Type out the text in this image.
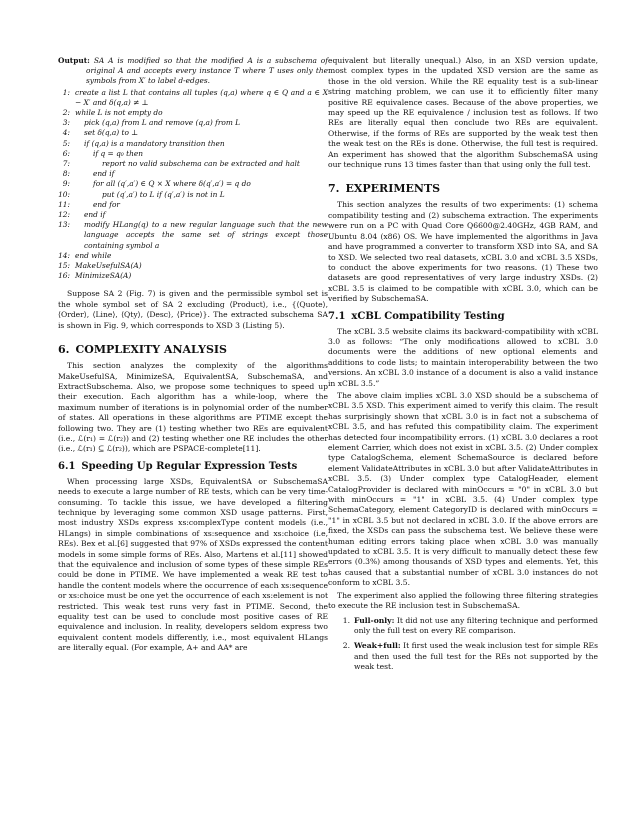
Output: SA A is modified so that the modified A is a subschema of original A and accepts every instance T where T uses only the symbols from X′ to label d-edges.
1: create a list L that contains all tuples (q,a) where q ∈ Q and a ∈ X − X′ and δ(q,a) ≠ ⊥
2: while L is not empty do
3:	pick (q,a) from L and remove (q,a) from L
4:	set δ(q,a) to ⊥
5:	if (q,a) is a mandatory transition then
6:	if q = q₀ then
7:	report no valid subschema can be extracted and halt
8:	end if
9:	for all (q′,a′) ∈ Q × X where δ(q′,a′) = q do
10:	put (q′,a′) to L if (q′,a′) is not in L
11:	end for
12:	end if
13:	modify HLang(q) to a new regular language such that the new language accepts the same set of strings except those containing symbol a
14: end while
15: MakeUsefulSA(A)
16: MinimizeSA(A)

Suppose SA 2 (Fig. 7) is given and the permissible symbol set is the whole symbol set of SA 2 excluding ⟨Product⟩, i.e., {⟨Quote⟩, ⟨Order⟩, ⟨Line⟩, ⟨Qty⟩, ⟨Desc⟩, ⟨Price⟩}. The extracted subschema SA is shown in Fig. 9, which corresponds to XSD 3 (Listing 5).

6. COMPLEXITY ANALYSIS

This section analyzes the complexity of the algorithms MakeUsefulSA, MinimizeSA, EquivalentSA, SubschemaSA, and ExtractSubschema. Also, we propose some techniques to speed up their execution. Each algorithm has a while-loop, where the maximum number of iterations is in polynomial order of the number of states. All operations in these algorithms are PTIME except the following two. They are (1) testing whether two REs are equivalent (i.e., ℒ(r₁) = ℒ(r₂)) and (2) testing whether one RE includes the other (i.e., ℒ(r₁) ⊆ ℒ(r₂)), which are PSPACE-complete[11].

6.1 Speeding Up Regular Expression Tests

When processing large XSDs, EquivalentSA or SubschemaSA needs to execute a large number of RE tests, which can be very time-consuming. To tackle this issue, we have developed a filtering technique by leveraging some common XSD usage patterns. First, most industry XSDs express xs:complexType content models (i.e., HLangs) in simple combinations of xs:sequence and xs:choice (i.e, REs). Bex et al.[6] suggested that 97% of XSDs expressed the content models in some simple forms of REs. Also, Martens et al.[11] showed that the equivalence and inclusion of some types of these simple REs could be done in PTIME. We have implemented a weak RE test to handle the content models where the occurrence of each xs:sequence or xs:choice must be one yet the occurrence of each xs:element is not restricted. This weak test runs very fast in PTIME. Second, the equality test can be used to conclude most positive cases of RE equivalence and inclusion. In reality, developers seldom express two equivalent content models differently, i.e., most equivalent HLangs are literally equal. (For example, A+ and AA* are

equivalent but literally unequal.) Also, in an XSD version update, most complex types in the updated XSD version are the same as those in the old version. While the RE equality test is a sub-linear string matching problem, we can use it to efficiently filter many positive RE equivalence cases. Because of the above properties, we may speed up the RE equivalence / inclusion test as follows. If two REs are literally equal then conclude two REs are equivalent. Otherwise, if the forms of REs are supported by the weak test then the weak test on the REs is done. Otherwise, the full test is required. An experiment has showed that the algorithm SubschemaSA using our technique runs 13 times faster than that using only the full test.

7. EXPERIMENTS

This section analyzes the results of two experiments: (1) schema compatibility testing and (2) subschema extraction. The experiments were run on a PC with Quad Core Q6600@2.40GHz, 4GB RAM, and Ubuntu 8.04 (x86) OS. We have implemented the algorithms in Java and have programmed a converter to transform XSD into SA, and SA to XSD. We selected two real datasets, xCBL 3.0 and xCBL 3.5 XSDs, to conduct the above experiments for two reasons. (1) These two datasets are good representatives of very large industry XSDs. (2) xCBL 3.5 is claimed to be compatible with xCBL 3.0, which can be verified by SubschemaSA.

7.1 xCBL Compatibility Testing

The xCBL 3.5 website claims its backward-compatibility with xCBL 3.0 as follows: “The only modifications allowed to xCBL 3.0 documents were the additions of new optional elements and additions to code lists; to maintain interoperability between the two versions. An xCBL 3.0 instance of a document is also a valid instance in xCBL 3.5.”

The above claim implies xCBL 3.0 XSD should be a subschema of xCBL 3.5 XSD. This experiment aimed to verify this claim. The result has surprisingly shown that xCBL 3.0 is in fact not a subschema of xCBL 3.5, and has refuted this compatibility claim. The experiment has detected four incompatibility errors. (1) xCBL 3.0 declares a root element Carrier, which does not exist in xCBL 3.5. (2) Under complex type CatalogSchema, element SchemaSource is declared before element ValidateAttributes in xCBL 3.0 but after ValidateAttributes in xCBL 3.5. (3) Under complex type CatalogHeader, element CatalogProvider is declared with minOccurs = "0" in xCBL 3.0 but with minOccurs = "1" in xCBL 3.5. (4) Under complex type SchemaCategory, element CategoryID is declared with minOccurs = "1" in xCBL 3.5 but not declared in xCBL 3.0. If the above errors are fixed, the XSDs can pass the subschema test. We believe these were human editing errors taking place when xCBL 3.0 was manually updated to xCBL 3.5. It is very difficult to manually detect these few errors (0.3%) among thousands of XSD types and elements. Yet, this has caused that a substantial number of xCBL 3.0 instances do not conform to xCBL 3.5.

The experiment also applied the following three filtering strategies to execute the RE inclusion test in SubschemaSA.

1. Full-only: It did not use any filtering technique and performed only the full test on every RE comparison.
2. Weak+full: It first used the weak inclusion test for simple REs and then used the full test for the REs not supported by the weak test.
